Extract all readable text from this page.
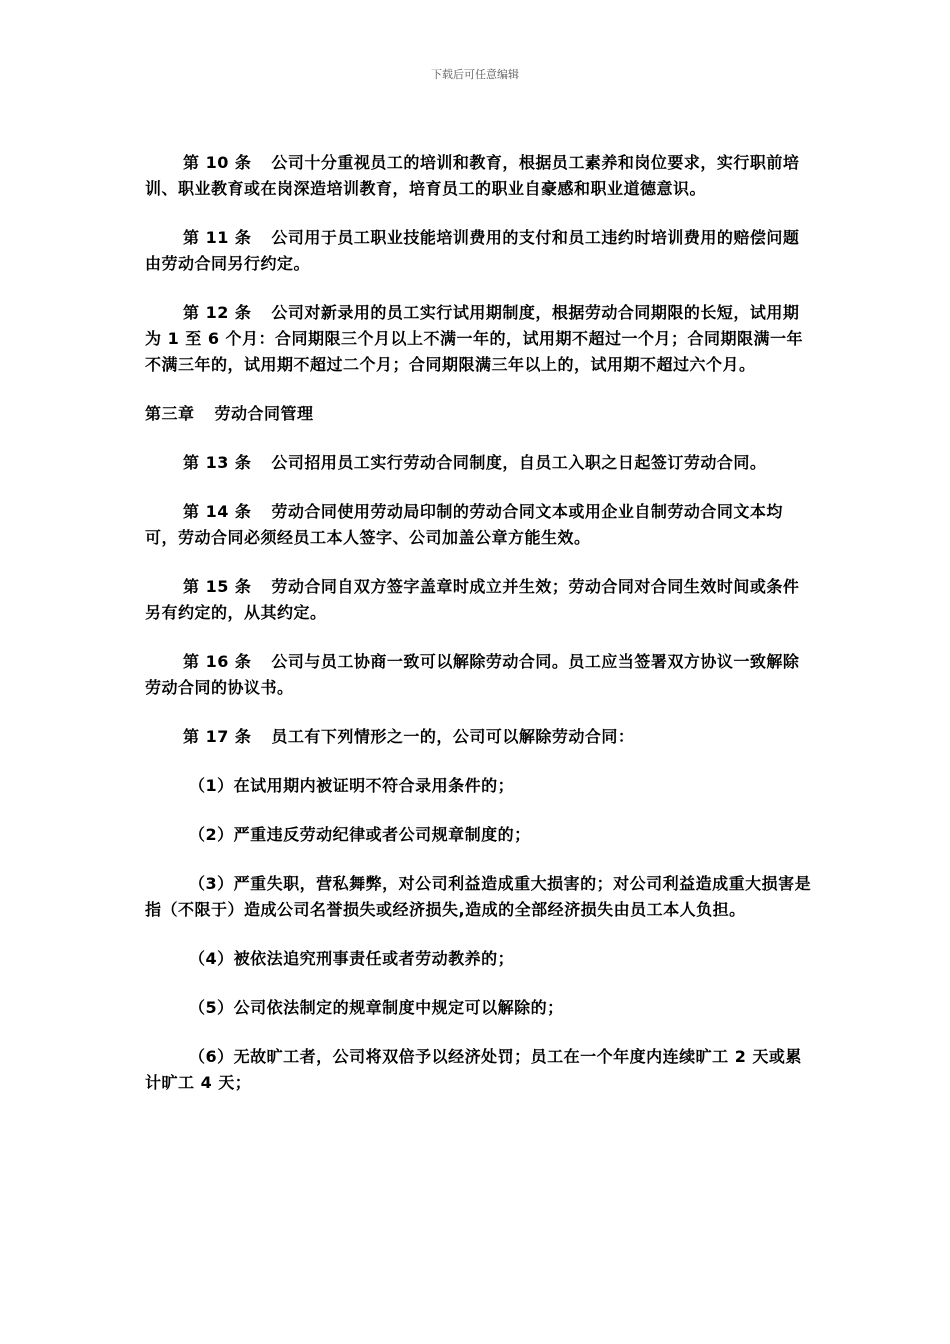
下载后可任意编辑

第 10 条 公司十分重视员工的培训和教育，根据员工素养和岗位要求，实行职前培训、职业教育或在岗深造培训教育，培育员工的职业自豪感和职业道德意识。

第 11 条 公司用于员工职业技能培训费用的支付和员工违约时培训费用的赔偿问题由劳动合同另行约定。

第 12 条 公司对新录用的员工实行试用期制度，根据劳动合同期限的长短，试用期为 1 至 6 个月：合同期限三个月以上不满一年的，试用期不超过一个月；合同期限满一年不满三年的，试用期不超过二个月；合同期限满三年以上的，试用期不超过六个月。

第三章 劳动合同管理

第 13 条 公司招用员工实行劳动合同制度，自员工入职之日起签订劳动合同。

第 14 条 劳动合同使用劳动局印制的劳动合同文本或用企业自制劳动合同文本均可，劳动合同必须经员工本人签字、公司加盖公章方能生效。

第 15 条 劳动合同自双方签字盖章时成立并生效；劳动合同对合同生效时间或条件另有约定的，从其约定。

第 16 条 公司与员工协商一致可以解除劳动合同。员工应当签署双方协议一致解除劳动合同的协议书。

第 17 条 员工有下列情形之一的，公司可以解除劳动合同：

（1）在试用期内被证明不符合录用条件的；

（2）严重违反劳动纪律或者公司规章制度的；

（3）严重失职，营私舞弊，对公司利益造成重大损害的；对公司利益造成重大损害是指（不限于）造成公司名誉损失或经济损失,造成的全部经济损失由员工本人负担。

（4）被依法追究刑事责任或者劳动教养的；

（5）公司依法制定的规章制度中规定可以解除的；

（6）无故旷工者，公司将双倍予以经济处罚；员工在一个年度内连续旷工 2 天或累计旷工 4 天；
